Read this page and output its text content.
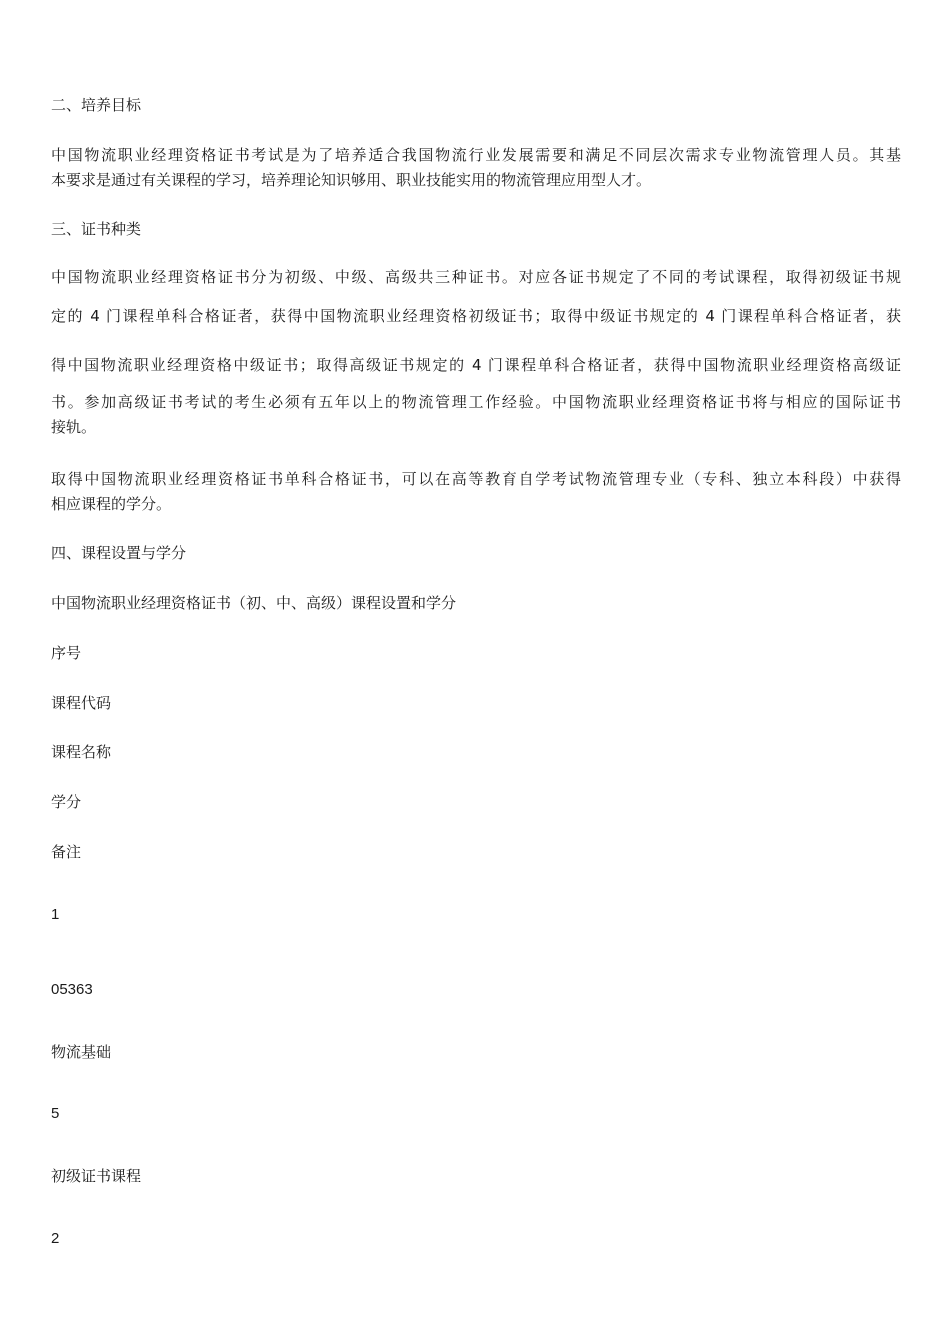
二、培养目标

中国物流职业经理资格证书考试是为了培养适合我国物流行业发展需要和满足不同层次需求专业物流管理人员。其基
本要求是通过有关课程的学习，培养理论知识够用、职业技能实用的物流管理应用型人才。

三、证书种类

中国物流职业经理资格证书分为初级、中级、高级共三种证书。对应各证书规定了不同的考试课程，取得初级证书规
定的 4 门课程单科合格证者，获得中国物流职业经理资格初级证书；取得中级证书规定的 4 门课程单科合格证者，获
得中国物流职业经理资格中级证书；取得高级证书规定的 4 门课程单科合格证者，获得中国物流职业经理资格高级证
书。参加高级证书考试的考生必须有五年以上的物流管理工作经验。中国物流职业经理资格证书将与相应的国际证书
接轨。
取得中国物流职业经理资格证书单科合格证书，可以在高等教育自学考试物流管理专业（专科、独立本科段）中获得
相应课程的学分。

四、课程设置与学分

中国物流职业经理资格证书（初、中、高级）课程设置和学分

序号

课程代码

课程名称

学分

备注

1

05363

物流基础

5

初级证书课程

2
